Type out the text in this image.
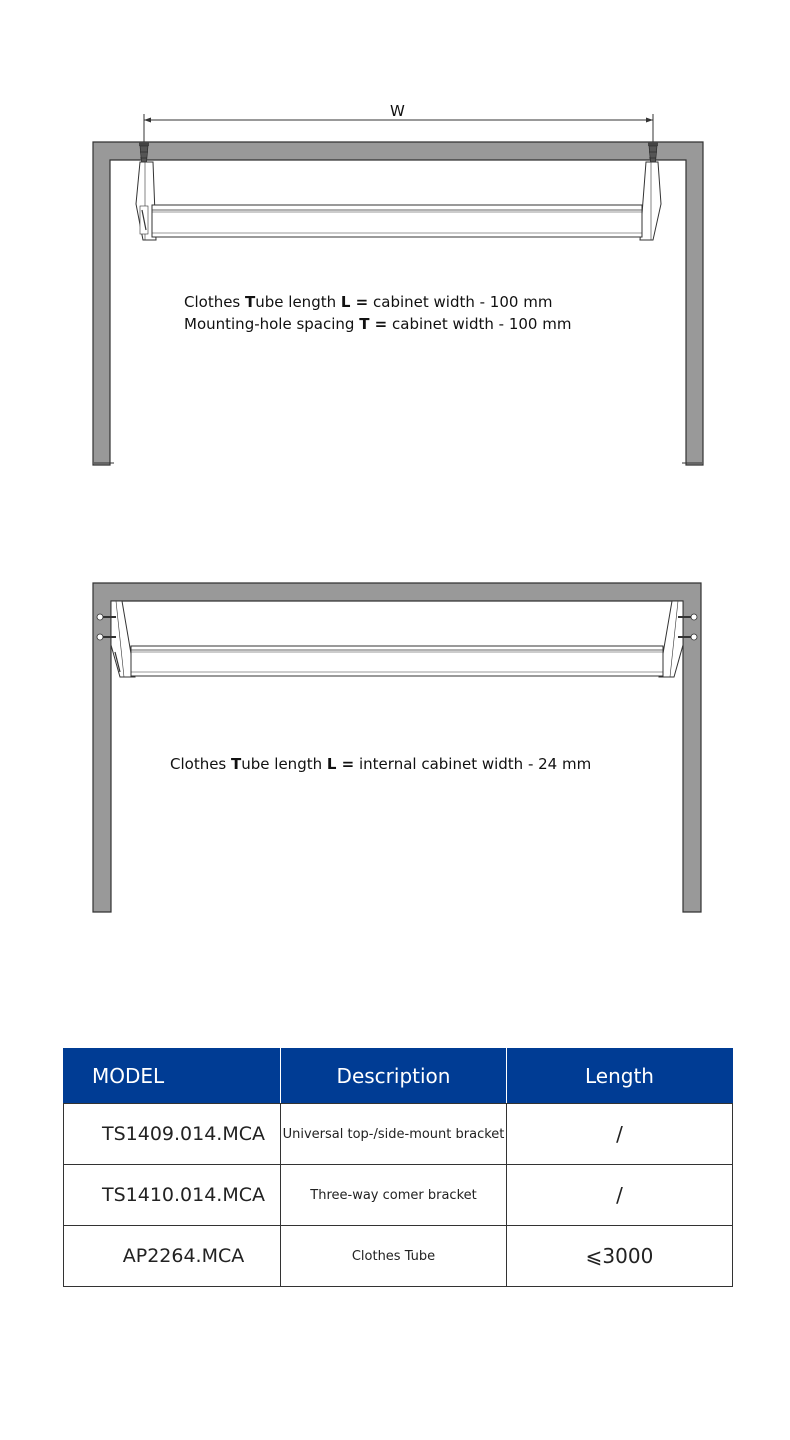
W
Clothes Tube length L = cabinet width - 100 mm
Mounting-hole spacing T = cabinet width - 100 mm
Clothes Tube length L = internal cabinet width - 24 mm
MODEL	Description	Length
TS1409.014.MCA	Universal top-/side-mount bracket	/
TS1410.014.MCA	Three-way comer bracket	/
AP2264.MCA	Clothes Tube	⩽3000
